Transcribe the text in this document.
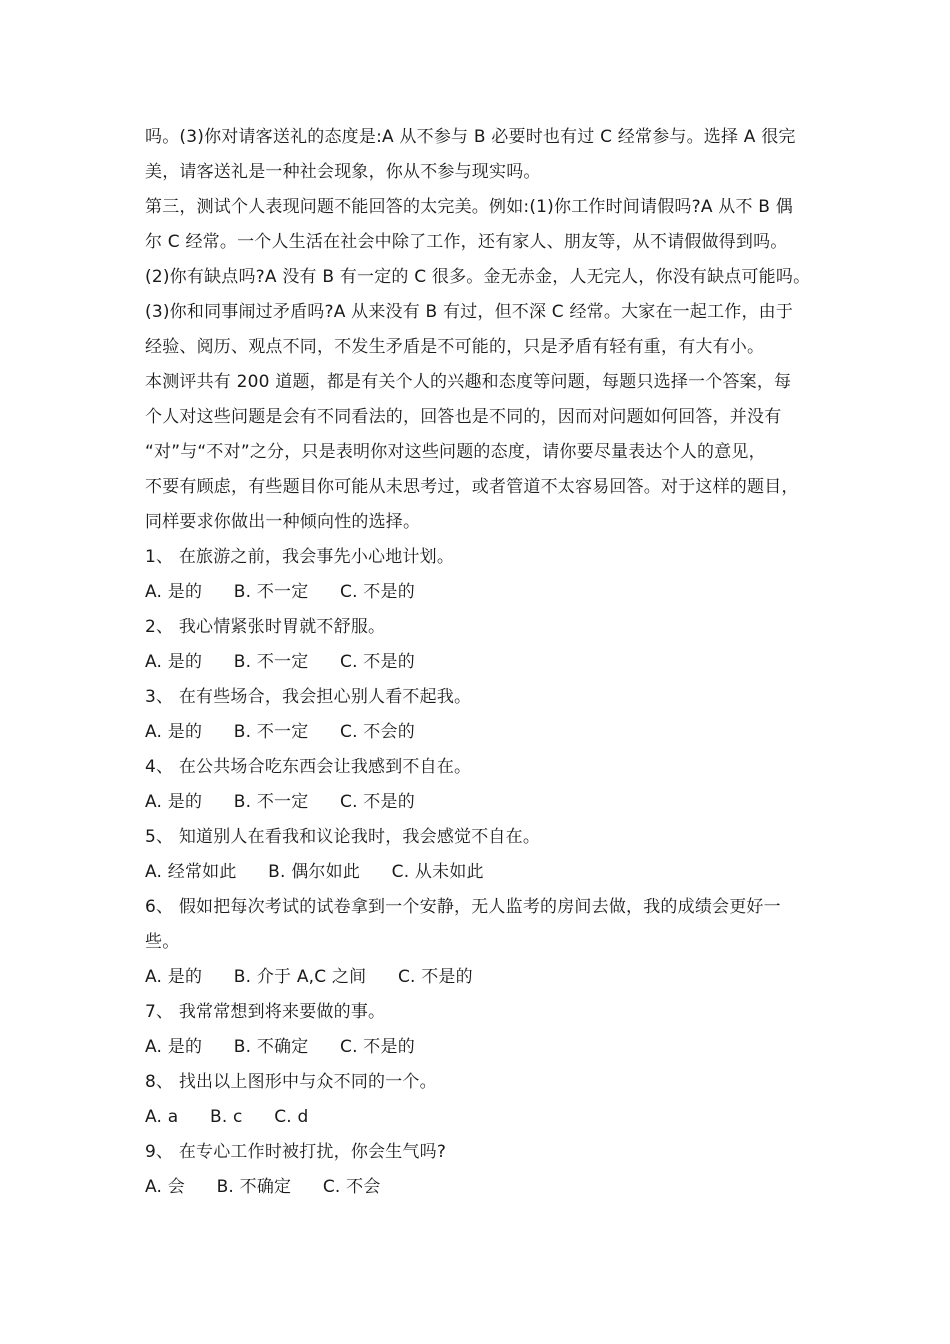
吗。(3)你对请客送礼的态度是:A 从不参与 B 必要时也有过 C 经常参与。选择 A 很完
美，请客送礼是一种社会现象，你从不参与现实吗。
第三，测试个人表现问题不能回答的太完美。例如:(1)你工作时间请假吗?A 从不 B 偶
尔 C 经常。一个人生活在社会中除了工作，还有家人、朋友等，从不请假做得到吗。
(2)你有缺点吗?A 没有 B 有一定的 C 很多。金无赤金，人无完人，你没有缺点可能吗。
(3)你和同事闹过矛盾吗?A 从来没有 B 有过，但不深 C 经常。大家在一起工作，由于
经验、阅历、观点不同，不发生矛盾是不可能的，只是矛盾有轻有重，有大有小。
本测评共有 200 道题，都是有关个人的兴趣和态度等问题，每题只选择一个答案，每
个人对这些问题是会有不同看法的，回答也是不同的，因而对问题如何回答，并没有
“对”与“不对”之分，只是表明你对这些问题的态度，请你要尽量表达个人的意见，
不要有顾虑，有些题目你可能从未思考过，或者管道不太容易回答。对于这样的题目，
同样要求你做出一种倾向性的选择。
1、 在旅游之前，我会事先小心地计划。
A. 是的 B. 不一定 C. 不是的
2、 我心情紧张时胃就不舒服。
A. 是的 B. 不一定 C. 不是的
3、 在有些场合，我会担心别人看不起我。
A. 是的 B. 不一定 C. 不会的
4、 在公共场合吃东西会让我感到不自在。
A. 是的 B. 不一定 C. 不是的
5、 知道别人在看我和议论我时，我会感觉不自在。
A. 经常如此 B. 偶尔如此 C. 从未如此
6、 假如把每次考试的试卷拿到一个安静，无人监考的房间去做，我的成绩会更好一
些。
A. 是的 B. 介于 A,C 之间 C. 不是的
7、 我常常想到将来要做的事。
A. 是的 B. 不确定 C. 不是的
8、 找出以上图形中与众不同的一个。
A. a B. c C. d
9、 在专心工作时被打扰，你会生气吗?
A. 会 B. 不确定 C. 不会
